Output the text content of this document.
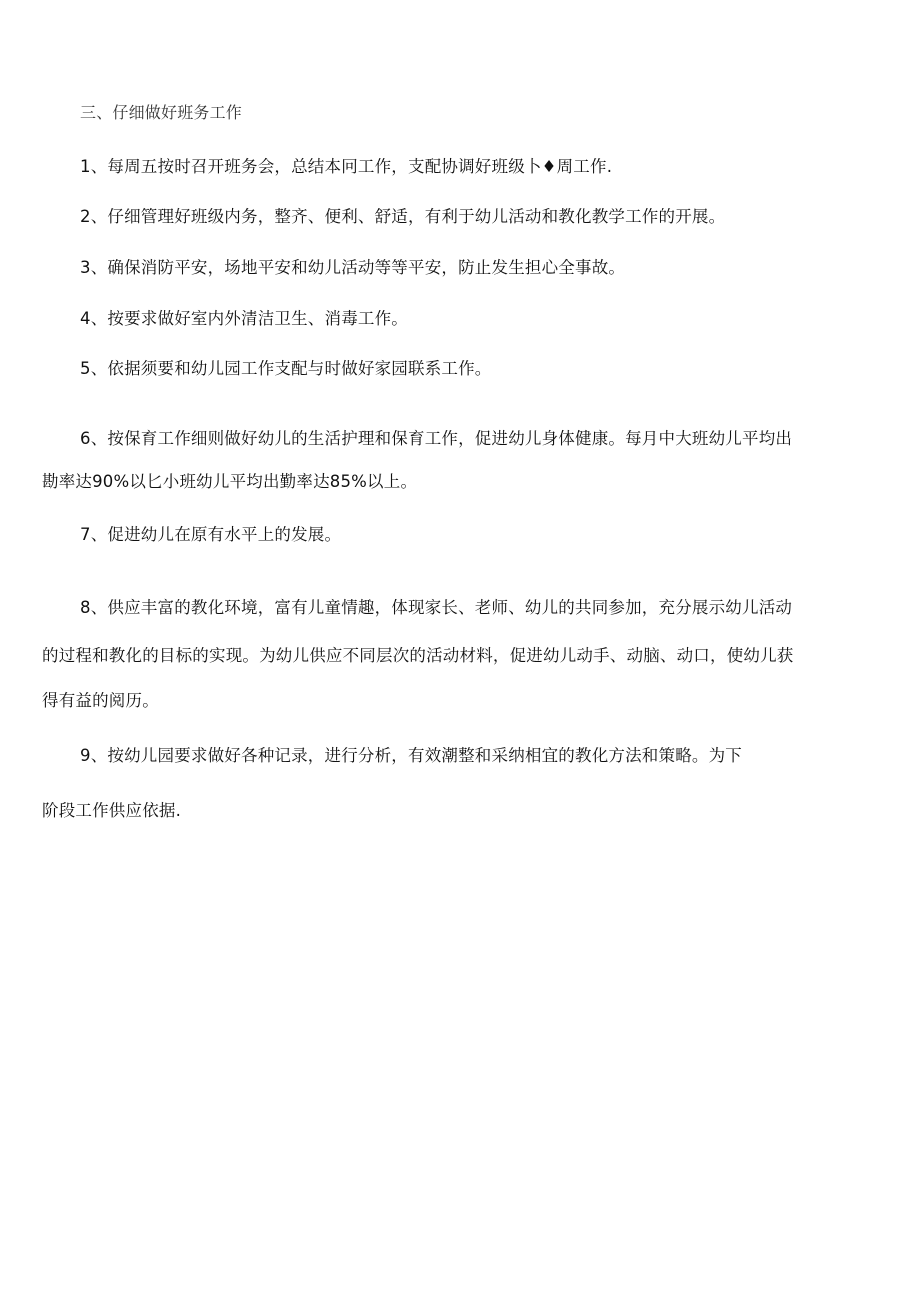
三、仔细做好班务工作
1、每周五按时召开班务会，总结本冋工作，支配协调好班级卜♦周工作.
2、仔细管理好班级内务，整齐、便利、舒适，有利于幼儿活动和教化教学工作的开展。
3、确保消防平安，场地平安和幼儿活动等等平安，防止发生担心全事故。
4、按要求做好室内外清洁卫生、消毒工作。
5、依据须要和幼儿园工作支配与时做好家园联系工作。
6、按保育工作细则做好幼儿的生活护理和保育工作，促进幼儿身体健康。每月中大班幼儿平均出
勘率达90%以匕小班幼儿平均出勤率达85%以上。
7、促进幼儿在原有水平上的发展。
8、供应丰富的教化环境，富有儿童情趣，体现家长、老师、幼儿的共同参加，充分展示幼儿活动
的过程和教化的目标的实现。为幼儿供应不同层次的活动材料，促进幼儿动手、动脑、动口，使幼儿获
得有益的阅历。
9、按幼儿园要求做好各种记录，进行分析，有效潮整和采纳相宜的教化方法和策略。为下
阶段工作供应依据.
